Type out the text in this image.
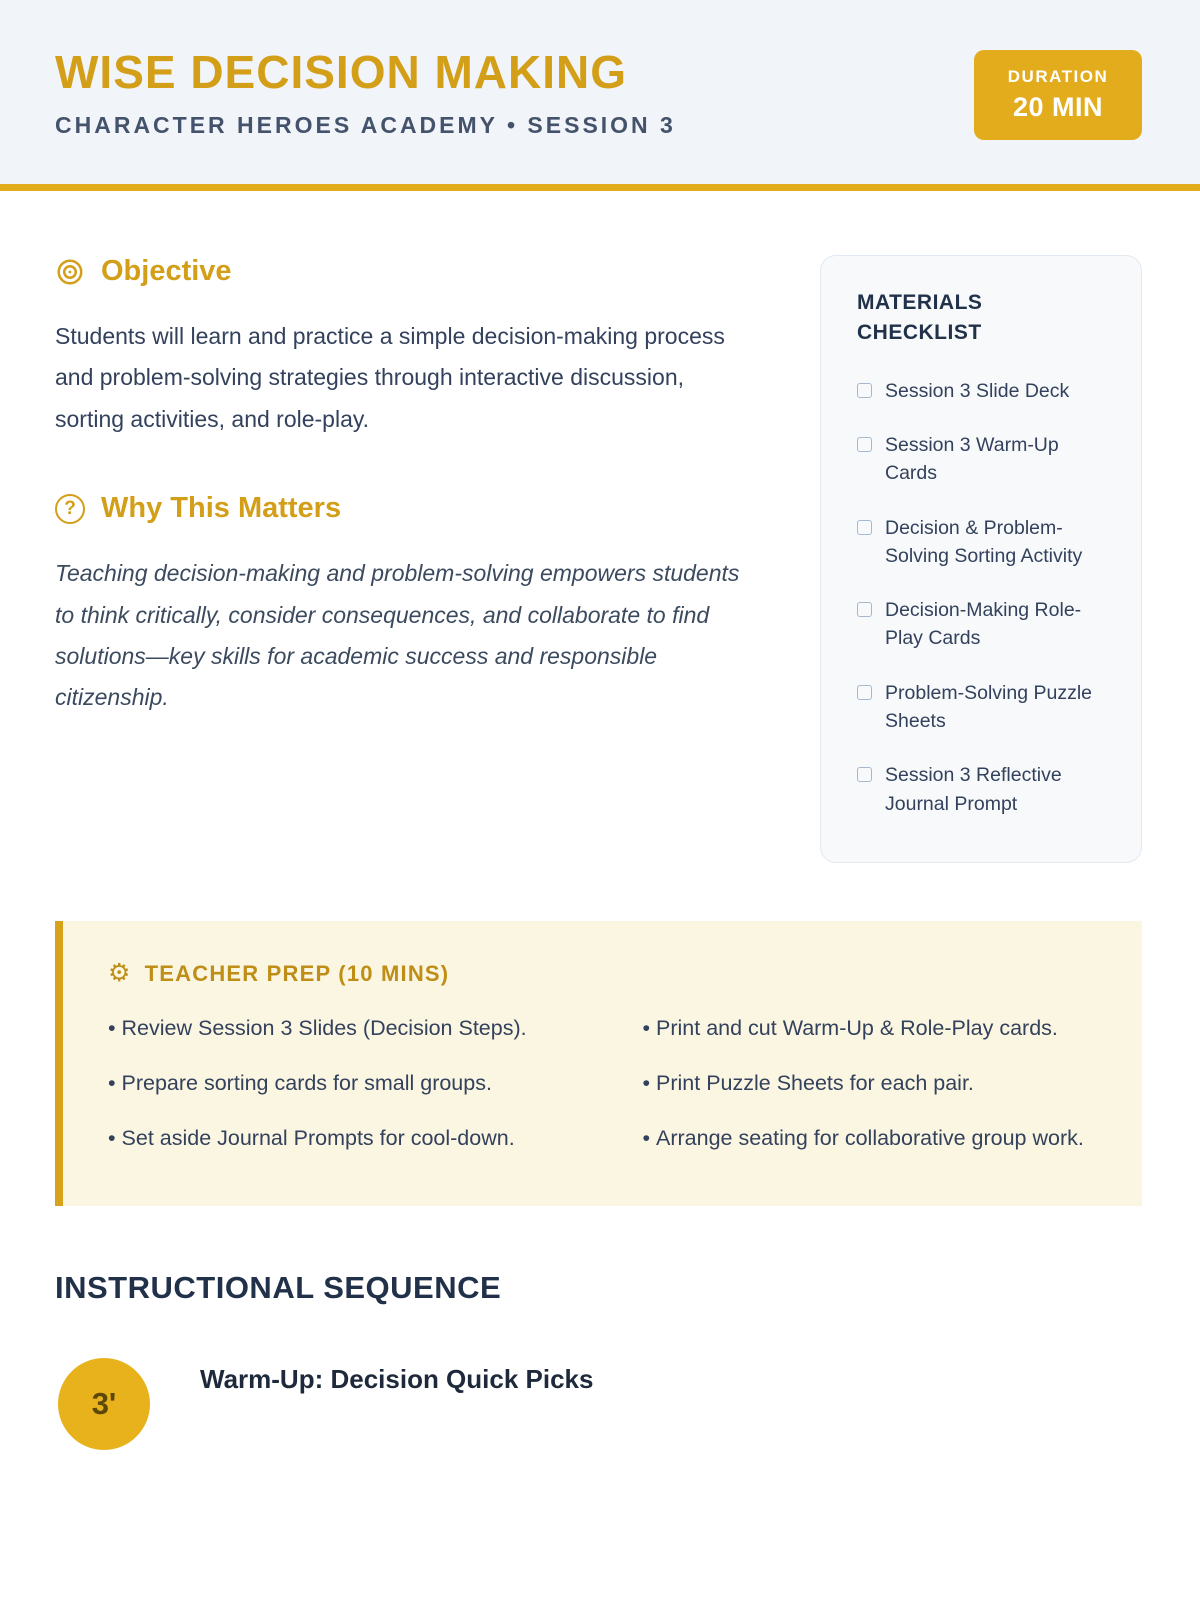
WISE DECISION MAKING
CHARACTER HEROES ACADEMY • SESSION 3
DURATION
20 MIN
Objective

Students will learn and practice a simple decision-making process and problem-solving strategies through interactive discussion, sorting activities, and role-play.

? Why This Matters

Teaching decision-making and problem-solving empowers students to think critically, consider consequences, and collaborate to find solutions—key skills for academic success and responsible citizenship.

MATERIALS CHECKLIST
Session 3 Slide Deck
Session 3 Warm-Up Cards
Decision & Problem-Solving Sorting Activity
Decision-Making Role-Play Cards
Problem-Solving Puzzle Sheets
Session 3 Reflective Journal Prompt
⚙ TEACHER PREP (10 MINS)

• Review Session 3 Slides (Decision Steps).

• Prepare sorting cards for small groups.

• Set aside Journal Prompts for cool-down.

• Print and cut Warm-Up & Role-Play cards.

• Print Puzzle Sheets for each pair.

• Arrange seating for collaborative group work.

INSTRUCTIONAL SEQUENCE
3'
Warm-Up: Decision Quick Picks
